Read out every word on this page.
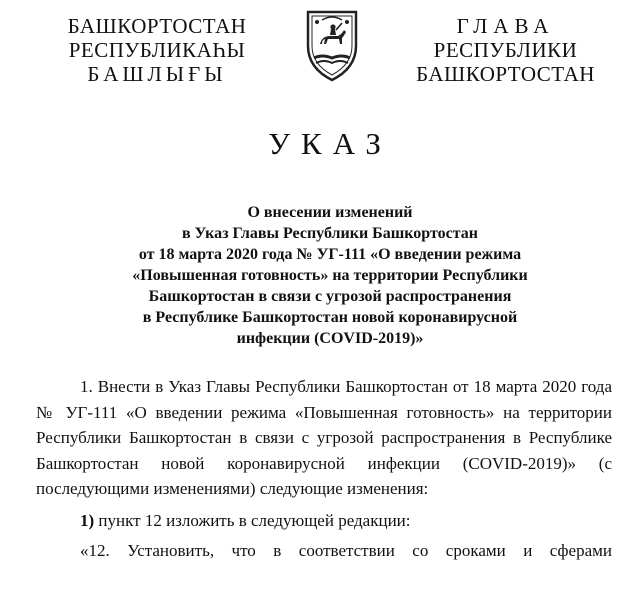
БАШКОРТОСТАН
РЕСПУБЛИКАҺЫ
БАШЛЫҒЫ
ГЛАВА
РЕСПУБЛИКИ
БАШКОРТОСТАН
УКАЗ
О внесении изменений
в Указ Главы Республики Башкортостан
от 18 марта 2020 года № УГ-111 «О введении режима
«Повышенная готовность» на территории Республики
Башкортостан в связи с угрозой распространения
в Республике Башкортостан новой коронавирусной
инфекции (COVID-2019)»

1. Внести в Указ Главы Республики Башкортостан от 18 марта 2020 года № УГ-111 «О введении режима «Повышенная готовность» на территории Республики Башкортостан в связи с угрозой распространения в Республике Башкортостан новой коронавирусной инфекции (COVID-2019)» (с последующими изменениями) следующие изменения:

1) пункт 12 изложить в следующей редакции:

«12. Установить, что в соответствии со сроками и сферами
